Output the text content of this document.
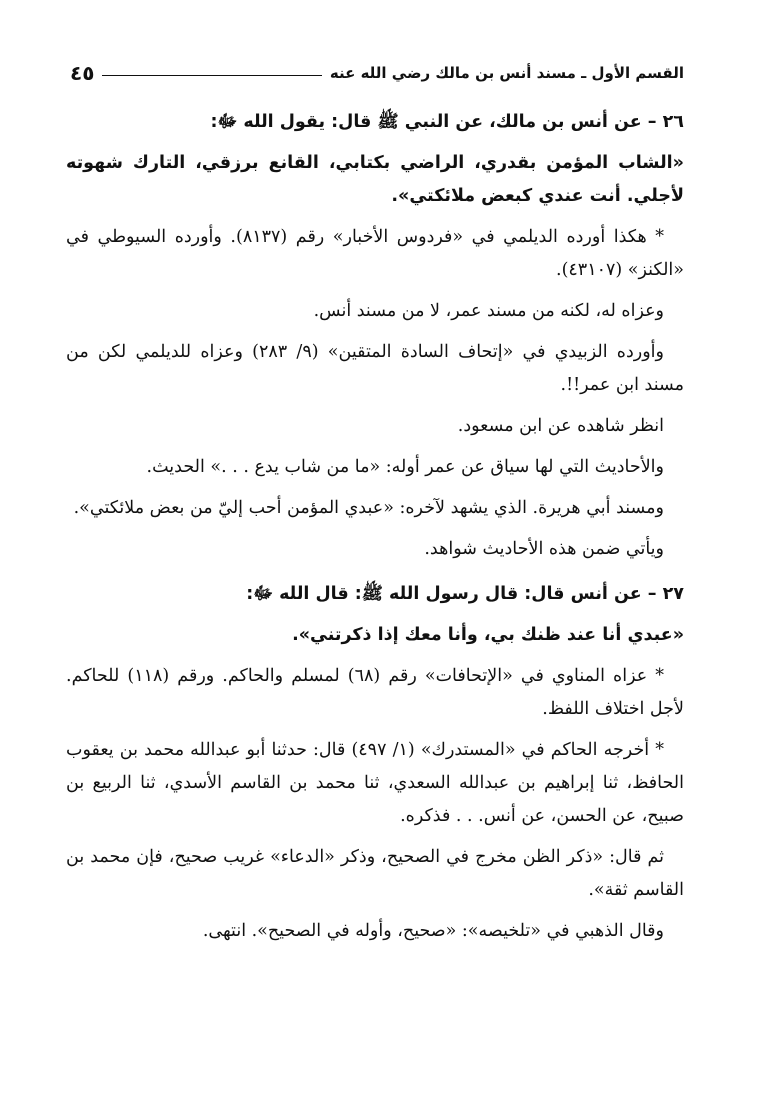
القسم الأول ـ مسند أنس بن مالك رضي الله عنه
٤٥

٢٦ – عن أنس بن مالك، عن النبي ﷺ قال: يقول الله ﷻ:

«الشاب المؤمن بقدري، الراضي بكتابي، القانع برزقي، التارك شهوته لأجلي. أنت عندي كبعض ملائكتي».

* هكذا أورده الديلمي في «فردوس الأخبار» رقم (٨١٣٧). وأورده السيوطي في «الكنز» (٤٣١٠٧).

وعزاه له، لكنه من مسند عمر، لا من مسند أنس.

وأورده الزبيدي في «إتحاف السادة المتقين» (٩/ ٢٨٣) وعزاه للديلمي لكن من مسند ابن عمر!!.

انظر شاهده عن ابن مسعود.

والأحاديث التي لها سياق عن عمر أوله: «ما من شاب يدع . . .» الحديث.

ومسند أبي هريرة. الذي يشهد لآخره: «عبدي المؤمن أحب إليّ من بعض ملائكتي».

ويأتي ضمن هذه الأحاديث شواهد.

٢٧ – عن أنس قال: قال رسول الله ﷺ: قال الله ﷻ:

«عبدي أنا عند ظنك بي، وأنا معك إذا ذكرتني».

* عزاه المناوي في «الإتحافات» رقم (٦٨) لمسلم والحاكم. ورقم (١١٨) للحاكم. لأجل اختلاف اللفظ.

* أخرجه الحاكم في «المستدرك» (١/ ٤٩٧) قال: حدثنا أبو عبدالله محمد بن يعقوب الحافظ، ثنا إبراهيم بن عبدالله السعدي، ثنا محمد بن القاسم الأسدي، ثنا الربيع بن صبيح، عن الحسن، عن أنس. . . فذكره.

ثم قال: «ذكر الظن مخرج في الصحيح، وذكر «الدعاء» غريب صحيح، فإن محمد بن القاسم ثقة».

وقال الذهبي في «تلخيصه»: «صحيح، وأوله في الصحيح». انتهى.
